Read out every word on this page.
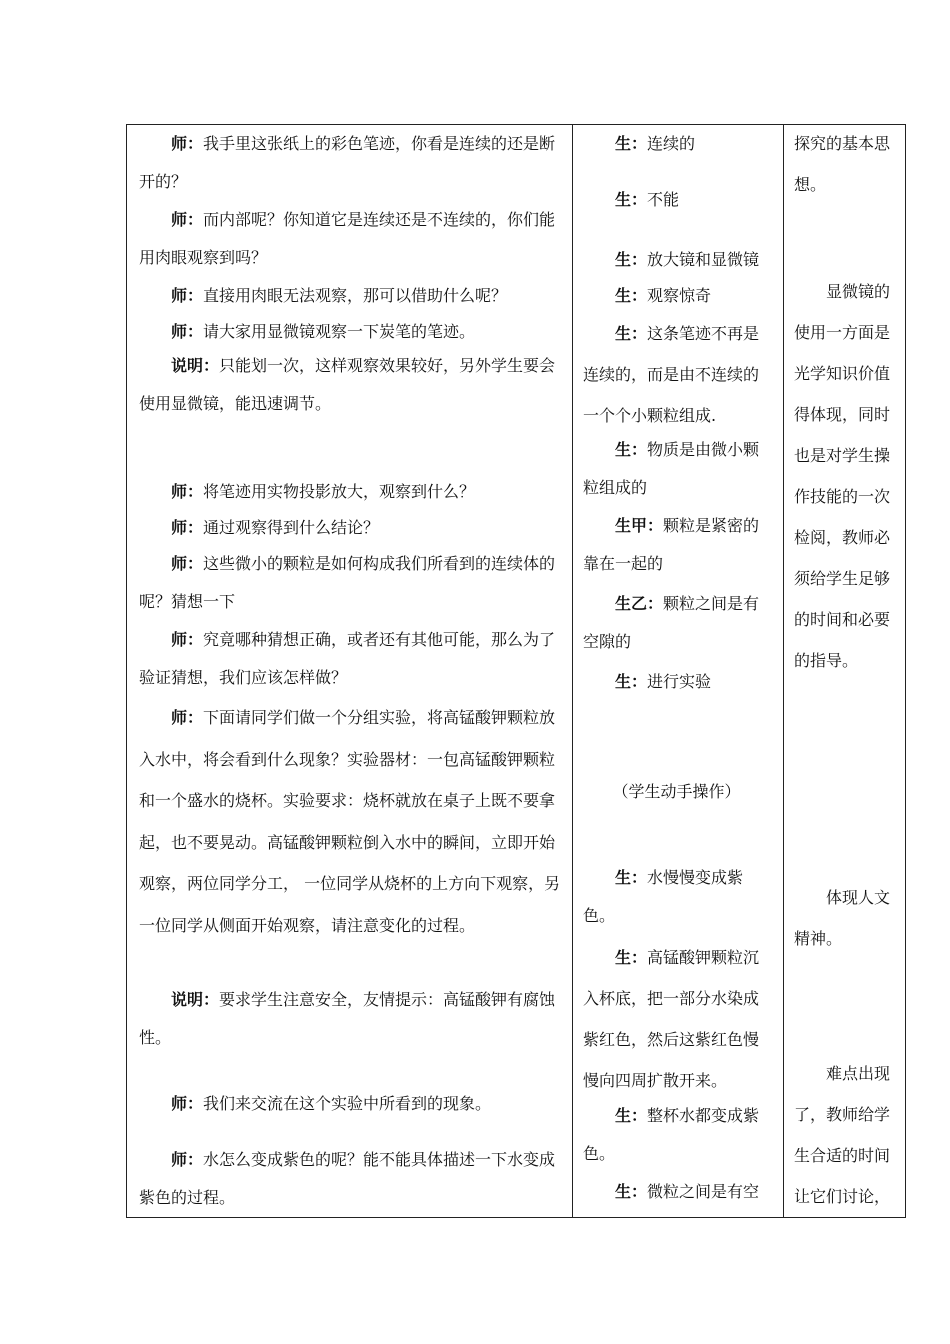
师：我手里这张纸上的彩色笔迹，你看是连续的还是断开的？

师：而内部呢？你知道它是连续还是不连续的，你们能用肉眼观察到吗？

师：直接用肉眼无法观察，那可以借助什么呢？

师：请大家用显微镜观察一下炭笔的笔迹。

说明：只能划一次，这样观察效果较好，另外学生要会使用显微镜，能迅速调节。

师：将笔迹用实物投影放大，观察到什么？

师：通过观察得到什么结论？

师：这些微小的颗粒是如何构成我们所看到的连续体的呢？猜想一下

师：究竟哪种猜想正确，或者还有其他可能，那么为了验证猜想，我们应该怎样做？

师：下面请同学们做一个分组实验，将高锰酸钾颗粒放入水中，将会看到什么现象？实验器材：一包高锰酸钾颗粒和一个盛水的烧杯。实验要求：烧杯就放在桌子上既不要拿起，也不要晃动。高锰酸钾颗粒倒入水中的瞬间，立即开始观察，两位同学分工， 一位同学从烧杯的上方向下观察，另一位同学从侧面开始观察，请注意变化的过程。

说明：要求学生注意安全，友情提示：高锰酸钾有腐蚀性。

师：我们来交流在这个实验中所看到的现象。

师：水怎么变成紫色的呢？能不能具体描述一下水变成紫色的过程。

生：连续的

生：不能

生：放大镜和显微镜

生：观察惊奇

生：这条笔迹不再是连续的，而是由不连续的一个个小颗粒组成.

生：物质是由微小颗粒组成的

生甲：颗粒是紧密的靠在一起的

生乙：颗粒之间是有空隙的

生：进行实验

（学生动手操作）

生：水慢慢变成紫色。

生：高锰酸钾颗粒沉入杯底，把一部分水染成紫红色，然后这紫红色慢慢向四周扩散开来。

生：整杯水都变成紫色。

生：微粒之间是有空

探究的基本思想。

显微镜的使用一方面是光学知识价值得体现，同时也是对学生操作技能的一次检阅，教师必须给学生足够的时间和必要的指导。

体现人文精神。

难点出现了，教师给学生合适的时间让它们讨论，
